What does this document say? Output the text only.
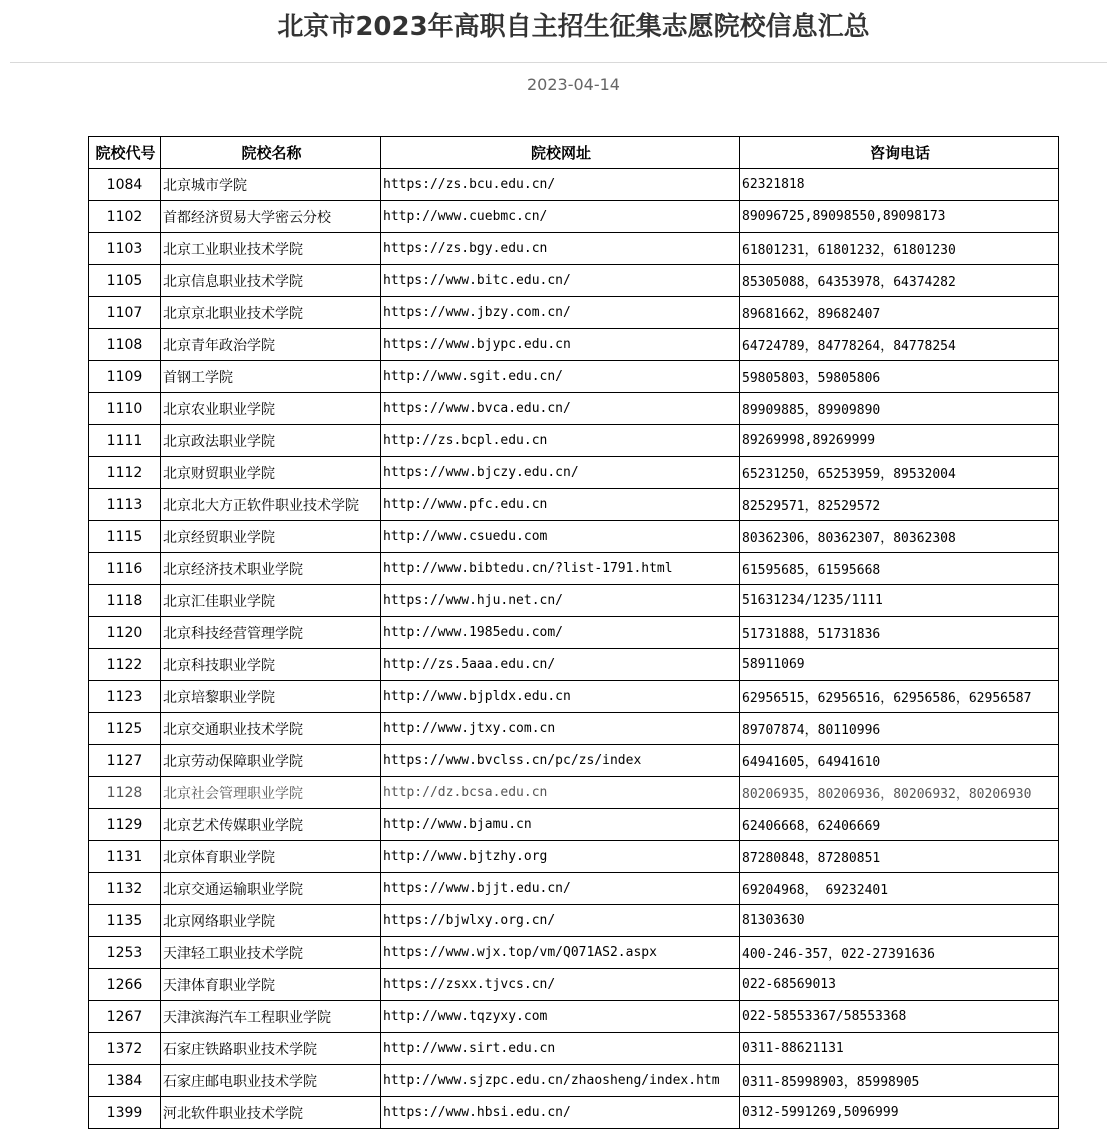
北京市2023年高职自主招生征集志愿院校信息汇总
2023-04-14
院校代号	院校名称	院校网址	咨询电话
1084	北京城市学院	https://zs.bcu.edu.cn/	62321818
1102	首都经济贸易大学密云分校	http://www.cuebmc.cn/	89096725,89098550,89098173
1103	北京工业职业技术学院	https://zs.bgy.edu.cn	61801231，61801232，61801230
1105	北京信息职业技术学院	https://www.bitc.edu.cn/	85305088，64353978，64374282
1107	北京京北职业技术学院	https://www.jbzy.com.cn/	89681662，89682407
1108	北京青年政治学院	https://www.bjypc.edu.cn	64724789，84778264，84778254
1109	首钢工学院	http://www.sgit.edu.cn/	59805803，59805806
1110	北京农业职业学院	https://www.bvca.edu.cn/	89909885，89909890
1111	北京政法职业学院	http://zs.bcpl.edu.cn	89269998,89269999
1112	北京财贸职业学院	https://www.bjczy.edu.cn/	65231250，65253959，89532004
1113	北京北大方正软件职业技术学院	http://www.pfc.edu.cn	82529571，82529572
1115	北京经贸职业学院	http://www.csuedu.com	80362306，80362307，80362308
1116	北京经济技术职业学院	http://www.bibtedu.cn/?list-1791.html	61595685，61595668
1118	北京汇佳职业学院	https://www.hju.net.cn/	51631234/1235/1111
1120	北京科技经营管理学院	http://www.1985edu.com/	51731888，51731836
1122	北京科技职业学院	http://zs.5aaa.edu.cn/	58911069
1123	北京培黎职业学院	http://www.bjpldx.edu.cn	62956515，62956516，62956586，62956587
1125	北京交通职业技术学院	http://www.jtxy.com.cn	89707874，80110996
1127	北京劳动保障职业学院	https://www.bvclss.cn/pc/zs/index	64941605，64941610
1128	北京社会管理职业学院	http://dz.bcsa.edu.cn	80206935，80206936，80206932，80206930
1129	北京艺术传媒职业学院	http://www.bjamu.cn	62406668，62406669
1131	北京体育职业学院	http://www.bjtzhy.org	87280848，87280851
1132	北京交通运输职业学院	https://www.bjjt.edu.cn/	69204968， 69232401
1135	北京网络职业学院	https://bjwlxy.org.cn/	81303630
1253	天津轻工职业技术学院	https://www.wjx.top/vm/Q071AS2.aspx	400-246-357，022-27391636
1266	天津体育职业学院	https://zsxx.tjvcs.cn/	022-68569013
1267	天津滨海汽车工程职业学院	http://www.tqzyxy.com	022-58553367/58553368
1372	石家庄铁路职业技术学院	http://www.sirt.edu.cn	0311-88621131
1384	石家庄邮电职业技术学院	http://www.sjzpc.edu.cn/zhaosheng/index.htm	0311-85998903，85998905
1399	河北软件职业技术学院	https://www.hbsi.edu.cn/	0312-5991269,5096999
